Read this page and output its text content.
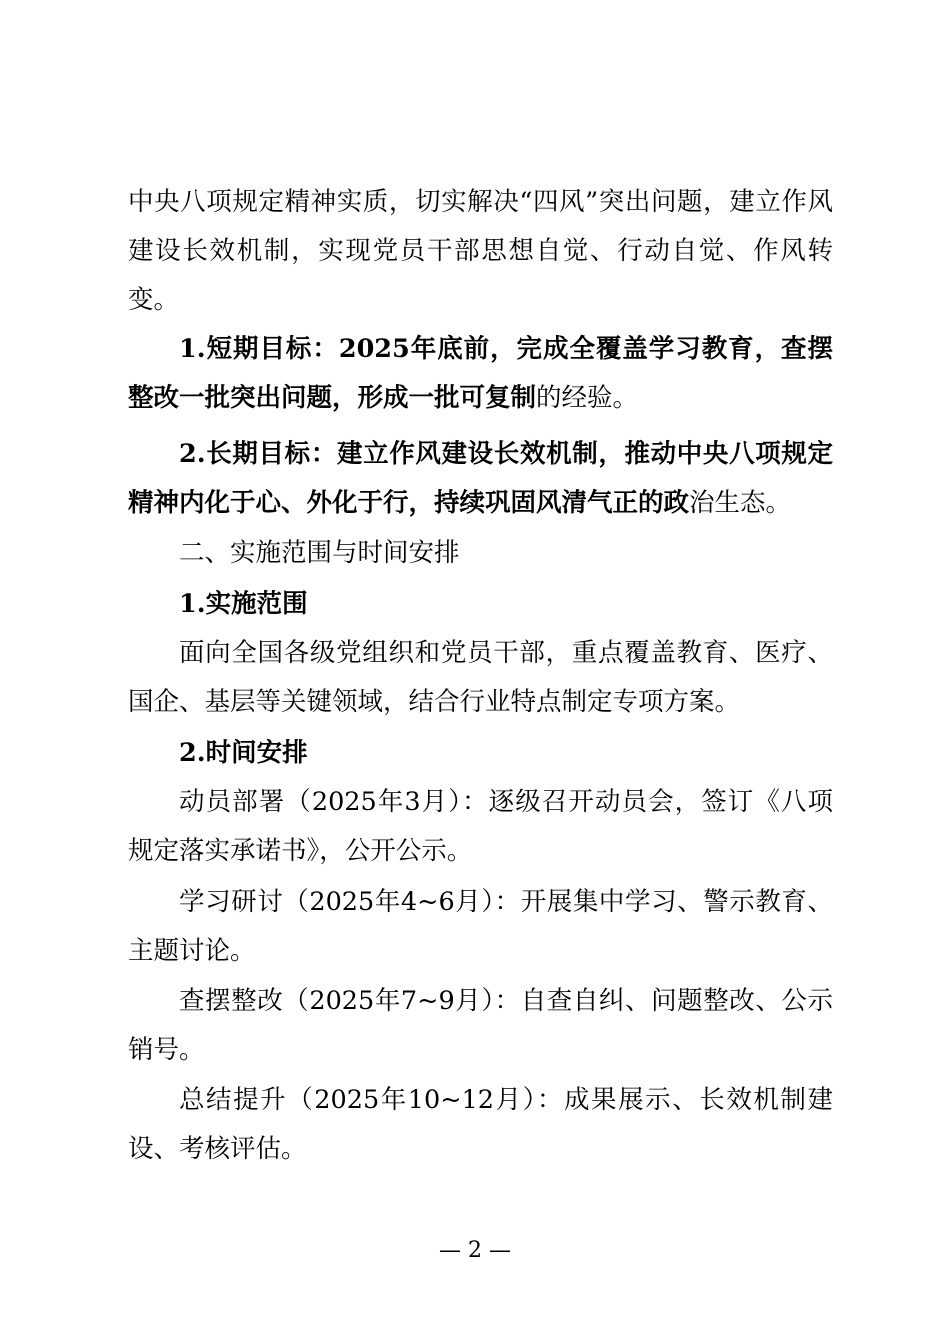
中央八项规定精神实质，切实解决“四风”突出问题，建立作风建设长效机制，实现党员干部思想自觉、行动自觉、作风转变。

1.短期目标：2025年底前，完成全覆盖学习教育，查摆整改一批突出问题，形成一批可复制的经验。

2.长期目标：建立作风建设长效机制，推动中央八项规定精神内化于心、外化于行，持续巩固风清气正的政治生态。

二、实施范围与时间安排

1.实施范围

面向全国各级党组织和党员干部，重点覆盖教育、医疗、国企、基层等关键领域，结合行业特点制定专项方案。

2.时间安排

动员部署（2025年3月）：逐级召开动员会，签订《八项规定落实承诺书》，公开公示。

学习研讨（2025年4~6月）：开展集中学习、警示教育、主题讨论。

查摆整改（2025年7~9月）：自查自纠、问题整改、公示销号。

总结提升（2025年10~12月）：成果展示、长效机制建设、考核评估。

— 2 —
